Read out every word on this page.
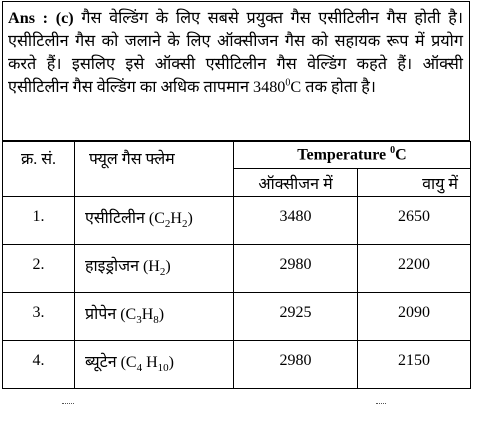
Ans : (c) गैस वेल्डिंग के लिए सबसे प्रयुक्त गैस एसीटिलीन गैस होती है। एसीटिलीन गैस को जलाने के लिए ऑक्सीजन गैस को सहायक रूप में प्रयोग करते हैं। इसलिए इसे ऑक्सी एसीटिलीन गैस वेल्डिंग कहते हैं। ऑक्सी एसीटिलीन गैस वेल्डिंग का अधिक तापमान 3480$^0$C तक होता है।
क्र. सं.	फ्यूल गैस फ्लेम	Temperature $^0$C	
		ऑक्सीजन में	वायु में
1.	एसीटिलीन $(C_2H_2)$	3480	2650
2.	हाइड्रोजन $(H_2)$	2980	2200
3.	प्रोपेन $(C_3H_8)$	2925	2090
4.	ब्यूटेन ($C_4$ $H_{10}$)	2980	2150
